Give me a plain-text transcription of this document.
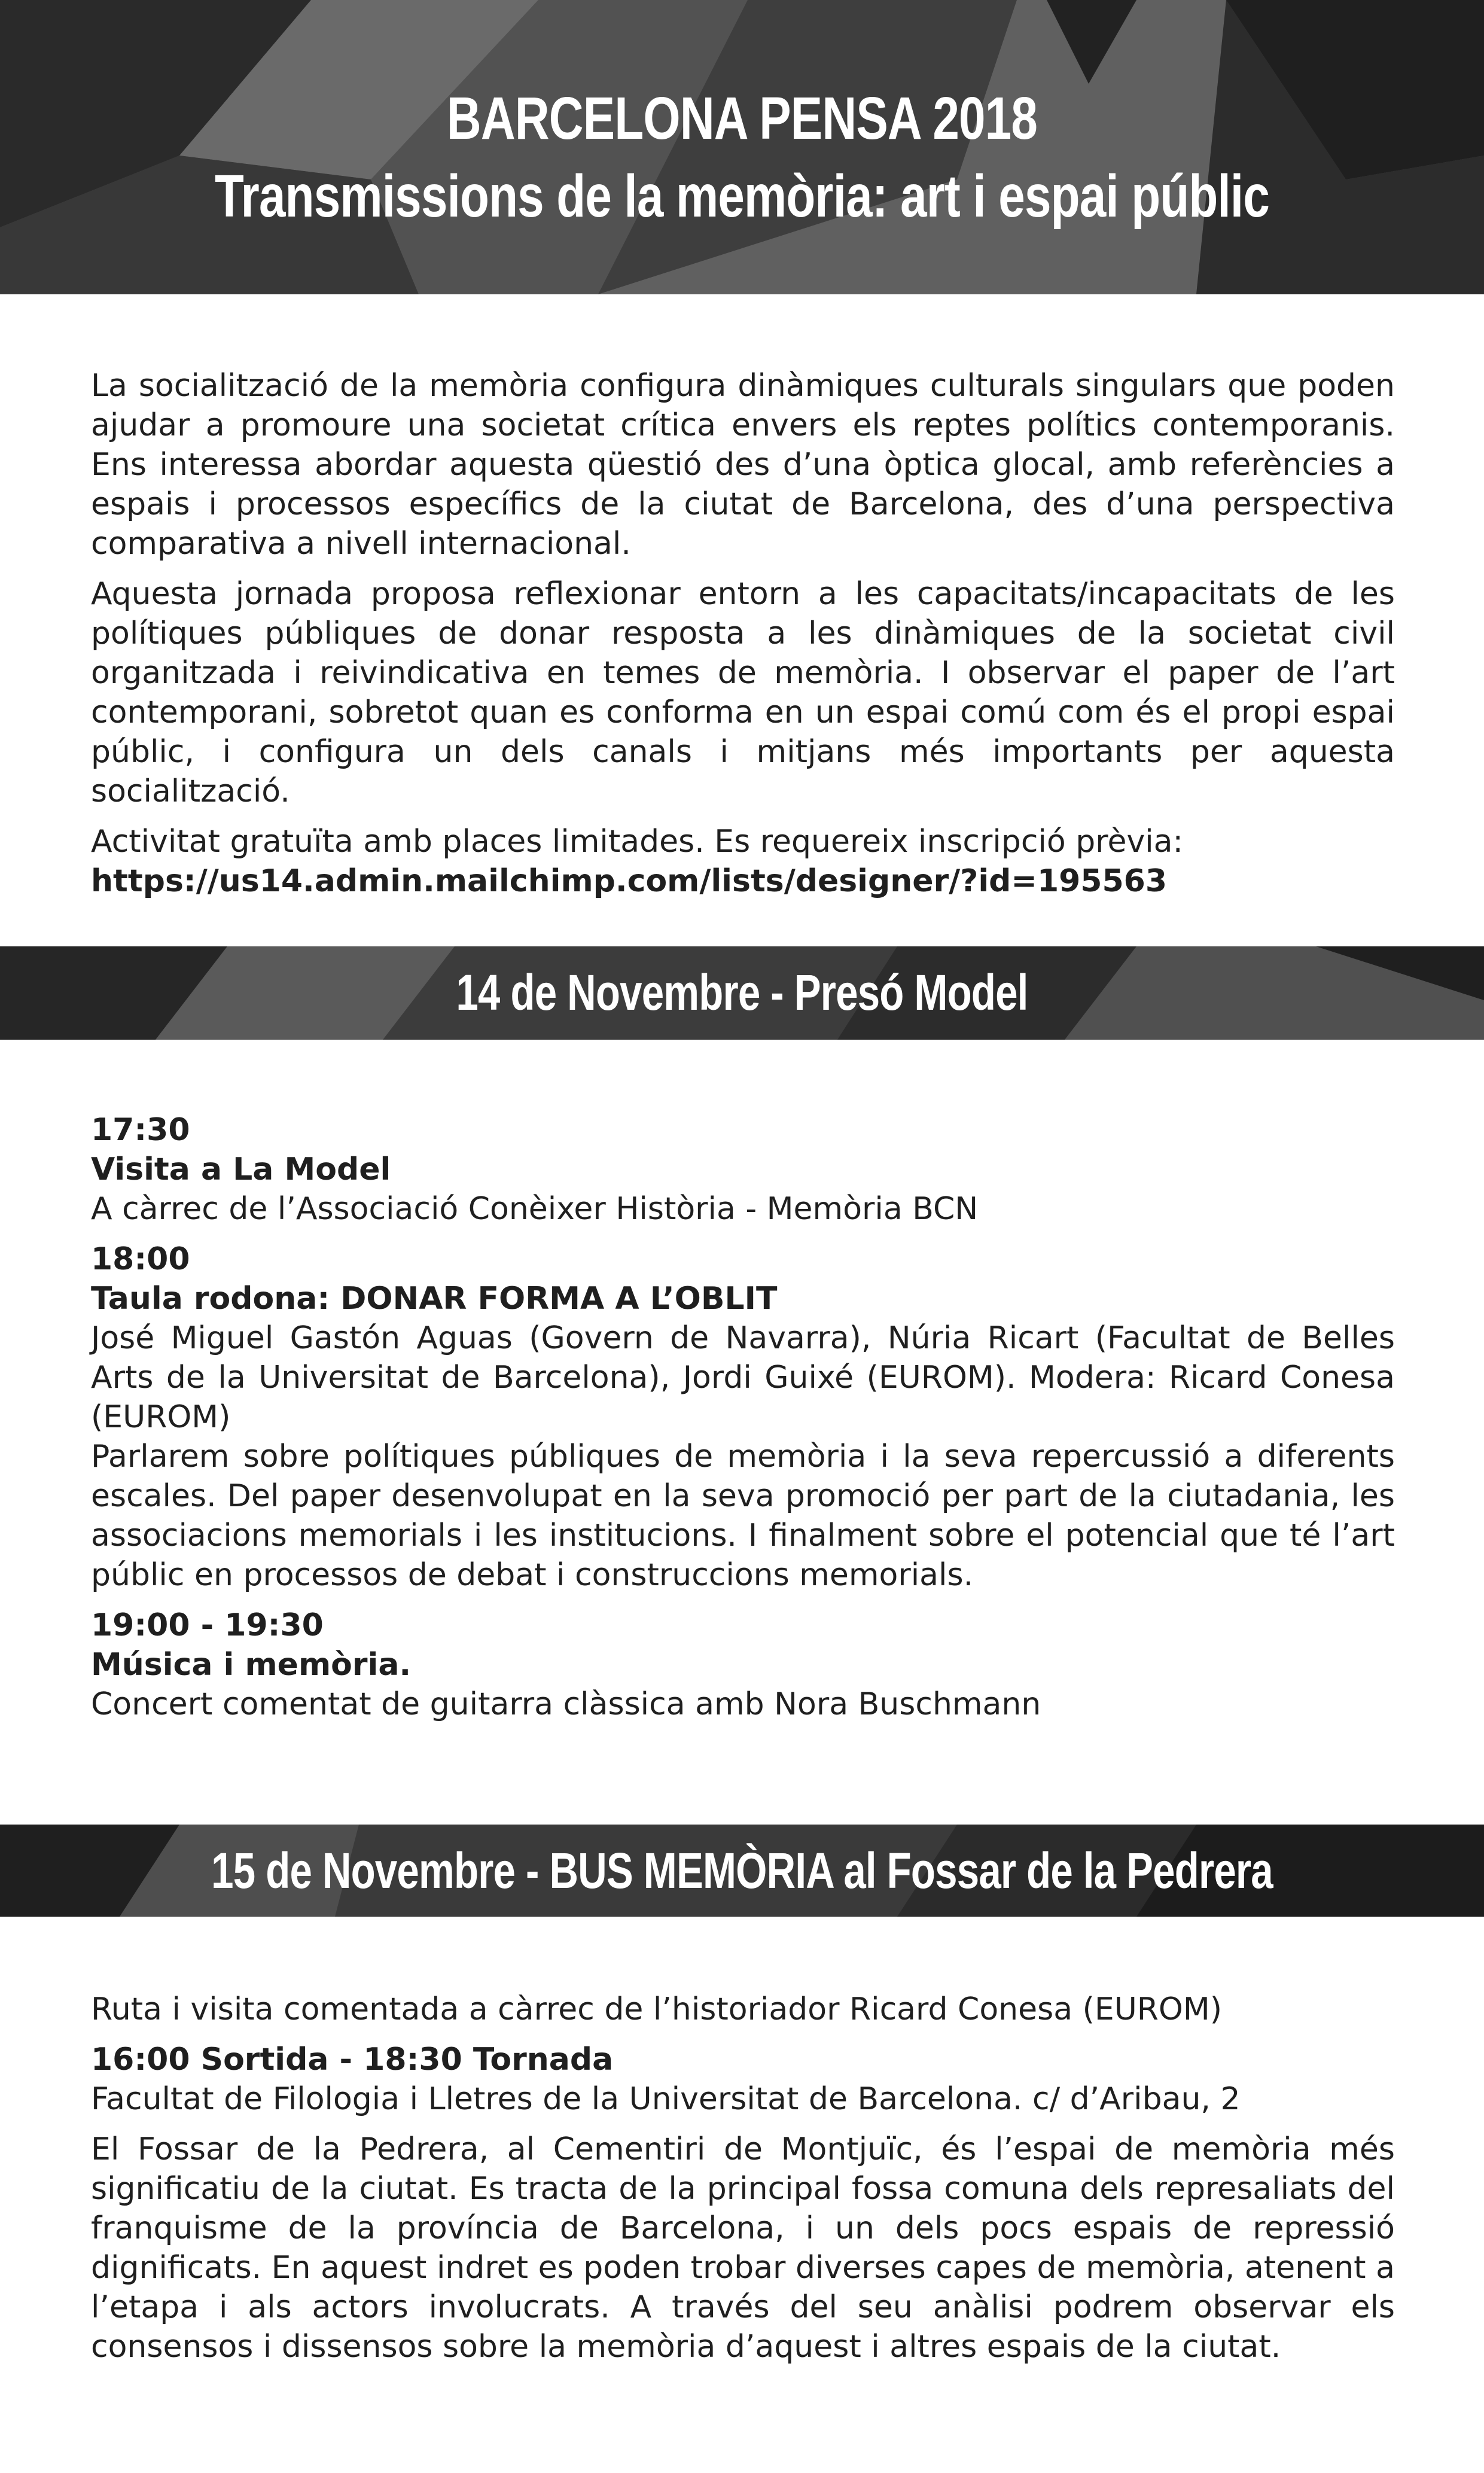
BARCELONA PENSA 2018
Transmissions de la memòria: art i espai públic

La socialització de la memòria configura dinàmiques culturals singulars que poden ajudar a promoure una societat crítica envers els reptes polítics contemporanis. Ens interessa abordar aquesta qüestió des d’una òptica glocal, amb referències a espais i processos específics de la ciutat de Barcelona, des d’una perspectiva comparativa a nivell internacional.

Aquesta jornada proposa reflexionar entorn a les capacitats/incapacitats de les polítiques públiques de donar resposta a les dinàmiques de la societat civil organitzada i reivindicativa en temes de memòria. I observar el paper de l’art contemporani, sobretot quan es conforma en un espai comú com és el propi espai públic, i configura un dels canals i mitjans més importants per aquesta socialització.

Activitat gratuïta amb places limitades. Es requereix inscripció prèvia:

https://us14.admin.mailchimp.com/lists/designer/?id=195563

14 de Novembre - Presó Model

17:30

Visita a La Model

A càrrec de l’Associació Conèixer Història - Memòria BCN

18:00

Taula rodona: DONAR FORMA A L’OBLIT

José Miguel Gastón Aguas (Govern de Navarra), Núria Ricart (Facultat de Belles Arts de la Universitat de Barcelona), Jordi Guixé (EUROM). Modera: Ricard Conesa (EUROM)

Parlarem sobre polítiques públiques de memòria i la seva repercussió a diferents escales. Del paper desenvolupat en la seva promoció per part de la ciutadania, les associacions memorials i les institucions. I finalment sobre el potencial que té l’art públic en processos de debat i construccions memorials.

19:00 - 19:30

Música i memòria.

Concert comentat de guitarra clàssica amb Nora Buschmann

15 de Novembre - BUS MEMÒRIA al Fossar de la Pedrera

Ruta i visita comentada a càrrec de l’historiador Ricard Conesa (EUROM)

16:00 Sortida - 18:30 Tornada

Facultat de Filologia i Lletres de la Universitat de Barcelona. c/ d’Aribau, 2

El Fossar de la Pedrera, al Cementiri de Montjuïc, és l’espai de memòria més significatiu de la ciutat. Es tracta de la principal fossa comuna dels represaliats del franquisme de la província de Barcelona, i un dels pocs espais de repressió dignificats. En aquest indret es poden trobar diverses capes de memòria, atenent a l’etapa i als actors involucrats. A través del seu anàlisi podrem observar els consensos i dissensos sobre la memòria d’aquest i altres espais de la ciutat.
